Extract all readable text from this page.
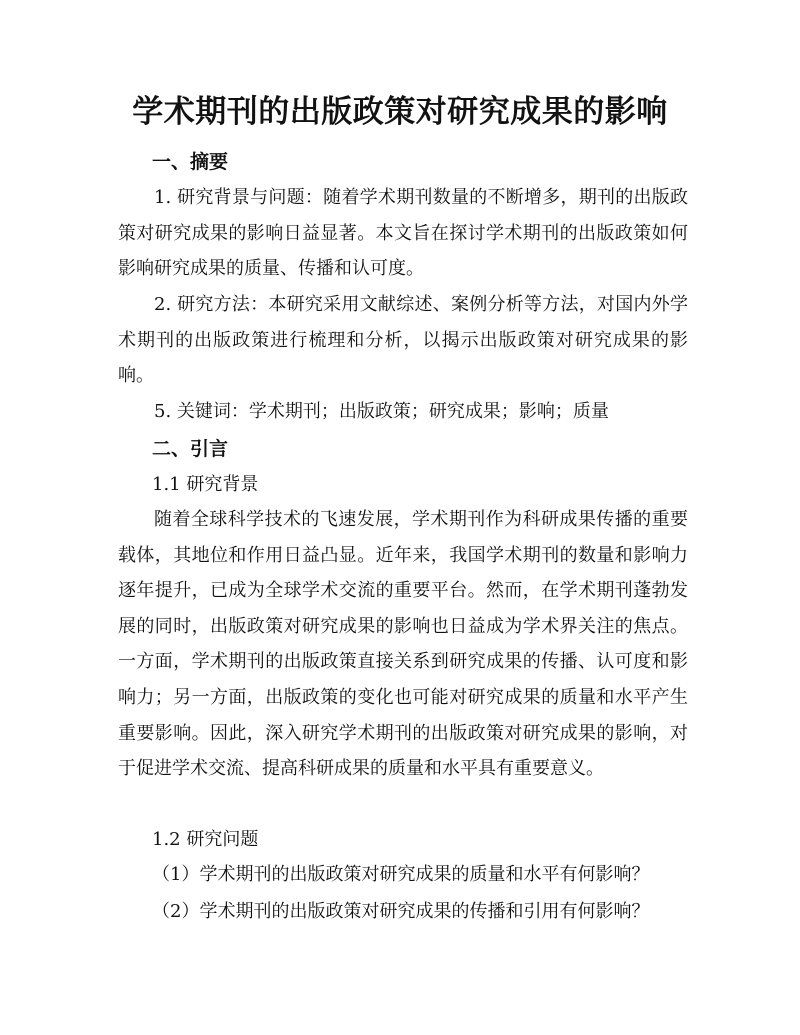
学术期刊的出版政策对研究成果的影响
一、摘要

1. 研究背景与问题：随着学术期刊数量的不断增多，期刊的出版政策对研究成果的影响日益显著。本文旨在探讨学术期刊的出版政策如何影响研究成果的质量、传播和认可度。

2. 研究方法：本研究采用文献综述、案例分析等方法，对国内外学术期刊的出版政策进行梳理和分析，以揭示出版政策对研究成果的影响。

5. 关键词：学术期刊；出版政策；研究成果；影响；质量

二、引言

1.1 研究背景

随着全球科学技术的飞速发展，学术期刊作为科研成果传播的重要载体，其地位和作用日益凸显。近年来，我国学术期刊的数量和影响力逐年提升，已成为全球学术交流的重要平台。然而，在学术期刊蓬勃发展的同时，出版政策对研究成果的影响也日益成为学术界关注的焦点。一方面，学术期刊的出版政策直接关系到研究成果的传播、认可度和影响力；另一方面，出版政策的变化也可能对研究成果的质量和水平产生重要影响。因此，深入研究学术期刊的出版政策对研究成果的影响，对于促进学术交流、提高科研成果的质量和水平具有重要意义。

1.2 研究问题

（1）学术期刊的出版政策对研究成果的质量和水平有何影响？

（2）学术期刊的出版政策对研究成果的传播和引用有何影响？
